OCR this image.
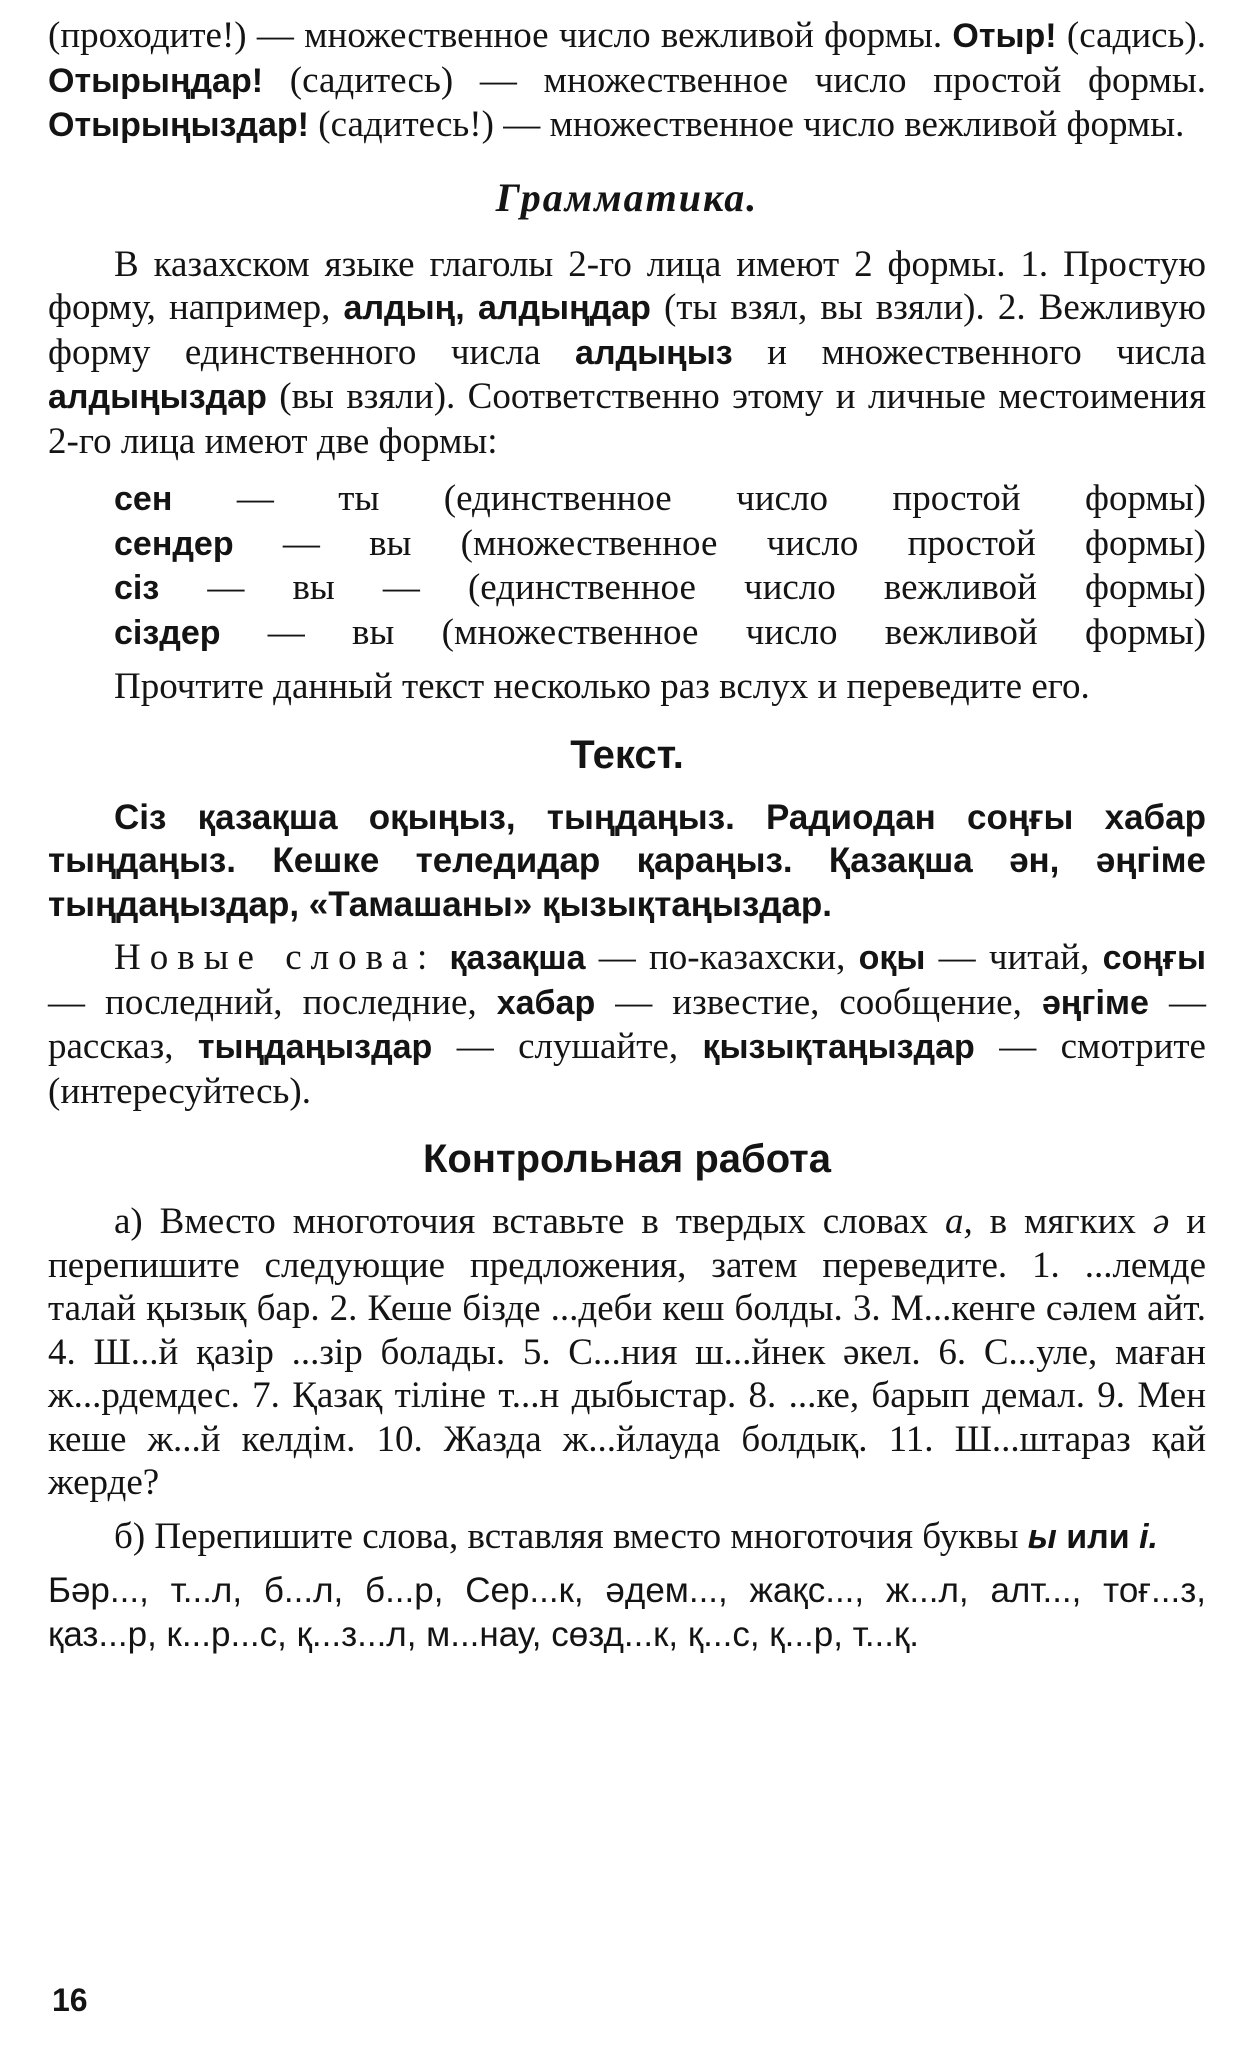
(проходите!) — множественное число вежливой формы. Отыр! (садись). Отырыңдар! (садитесь) — множественное число простой формы. Отырыңыздар! (садитесь!) — множественное число вежливой формы.

Грамматика.

В казахском языке глаголы 2-го лица имеют 2 формы. 1. Простую форму, например, алдың, алдыңдар (ты взял, вы взяли). 2. Вежливую форму единственного числа алдыңыз и множественного числа алдыңыздар (вы взяли). Соответственно этому и личные местоимения 2-го лица имеют две формы:

сен — ты (единственное число простой формы)
сендер — вы (множественное число простой формы)
сіз — вы — (единственное число вежливой формы)
сіздер — вы (множественное число вежливой формы)

Прочтите данный текст несколько раз вслух и переведите его.

Текст.

Сіз қазақша оқыңыз, тыңдаңыз. Радиодан соңғы хабар тыңдаңыз. Кешке теледидар қараңыз. Қазақша ән, әңгіме тыңдаңыздар, «Тамашаны» қызықтаңыздар.

Новые слова: қазақша — по-казахски, оқы — читай, соңғы — последний, последние, хабар — известие, сообщение, әңгіме — рассказ, тыңдаңыздар — слушайте, қызықтаңыздар — смотрите (интересуйтесь).

Контрольная работа

а) Вместо многоточия вставьте в твердых словах а, в мягких ә и перепишите следующие предложения, затем переведите. 1. ...лемде талай қызық бар. 2. Кеше бізде ...деби кеш болды. 3. М...кенге сәлем айт. 4. Ш...й қазір ...зір болады. 5. С...ния ш...йнек әкел. 6. С...уле, маған ж...рдемдес. 7. Қазақ тіліне т...н дыбыстар. 8. ...ке, барып демал. 9. Мен кеше ж...й келдім. 10. Жазда ж...йлауда болдық. 11. Ш...штараз қай жерде?

б) Перепишите слова, вставляя вместо многоточия буквы ы или і.

Бәр..., т...л, б...л, б...р, Сер...к, әдем..., жақс..., ж...л, алт..., тоғ...з, қаз...р, к...р...с, қ...з...л, м...нау, сөзд...к, қ...с, қ...р, т...қ.

16
